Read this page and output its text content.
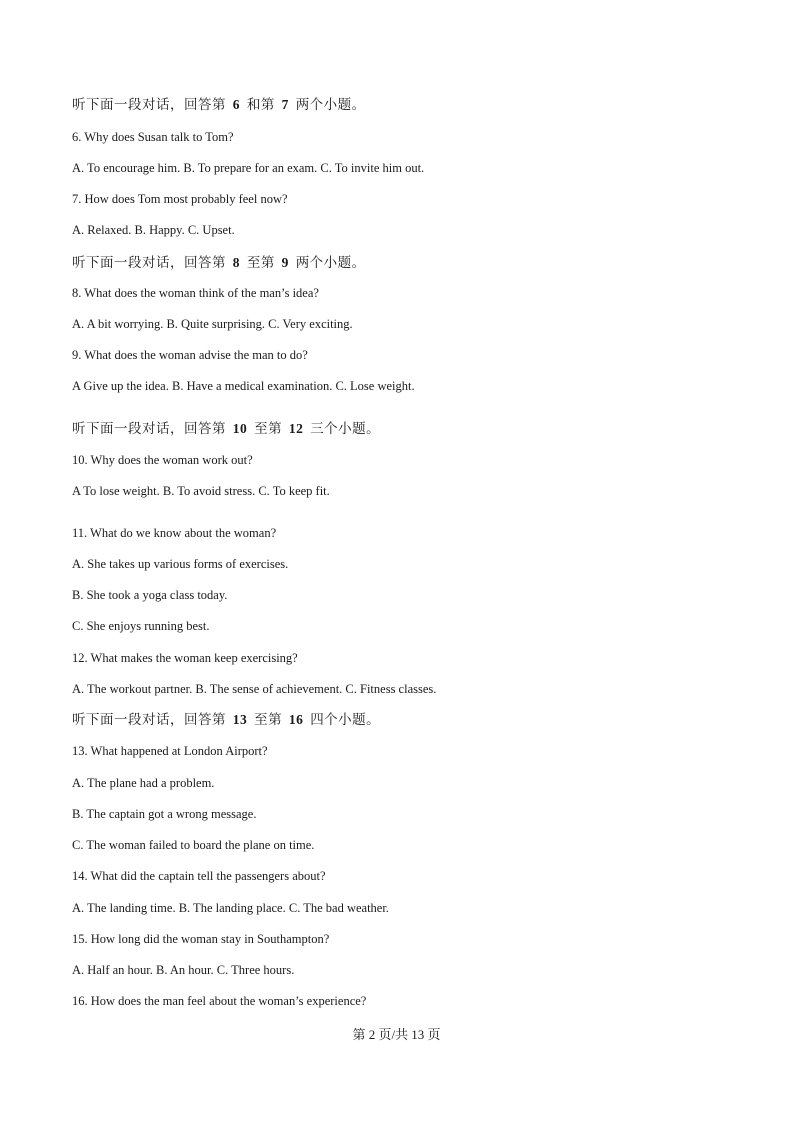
听下面一段对话，回答第 6 和第 7 两个小题。
6. Why does Susan talk to Tom?
A. To encourage him. B. To prepare for an exam. C. To invite him out.
7. How does Tom most probably feel now?
A. Relaxed. B. Happy. C. Upset.
听下面一段对话，回答第 8 至第 9 两个小题。
8. What does the woman think of the man’s idea?
A. A bit worrying. B. Quite surprising. C. Very exciting.
9. What does the woman advise the man to do?
A Give up the idea. B. Have a medical examination. C. Lose weight.
听下面一段对话，回答第 10 至第 12 三个小题。
10. Why does the woman work out?
A To lose weight. B. To avoid stress. C. To keep fit.
11. What do we know about the woman?
A. She takes up various forms of exercises.
B. She took a yoga class today.
C. She enjoys running best.
12. What makes the woman keep exercising?
A. The workout partner. B. The sense of achievement. C. Fitness classes.
听下面一段对话，回答第 13 至第 16 四个小题。
13. What happened at London Airport?
A. The plane had a problem.
B. The captain got a wrong message.
C. The woman failed to board the plane on time.
14. What did the captain tell the passengers about?
A. The landing time. B. The landing place. C. The bad weather.
15. How long did the woman stay in Southampton?
A. Half an hour. B. An hour. C. Three hours.
16. How does the man feel about the woman’s experience?
第 2 页/共 13 页
